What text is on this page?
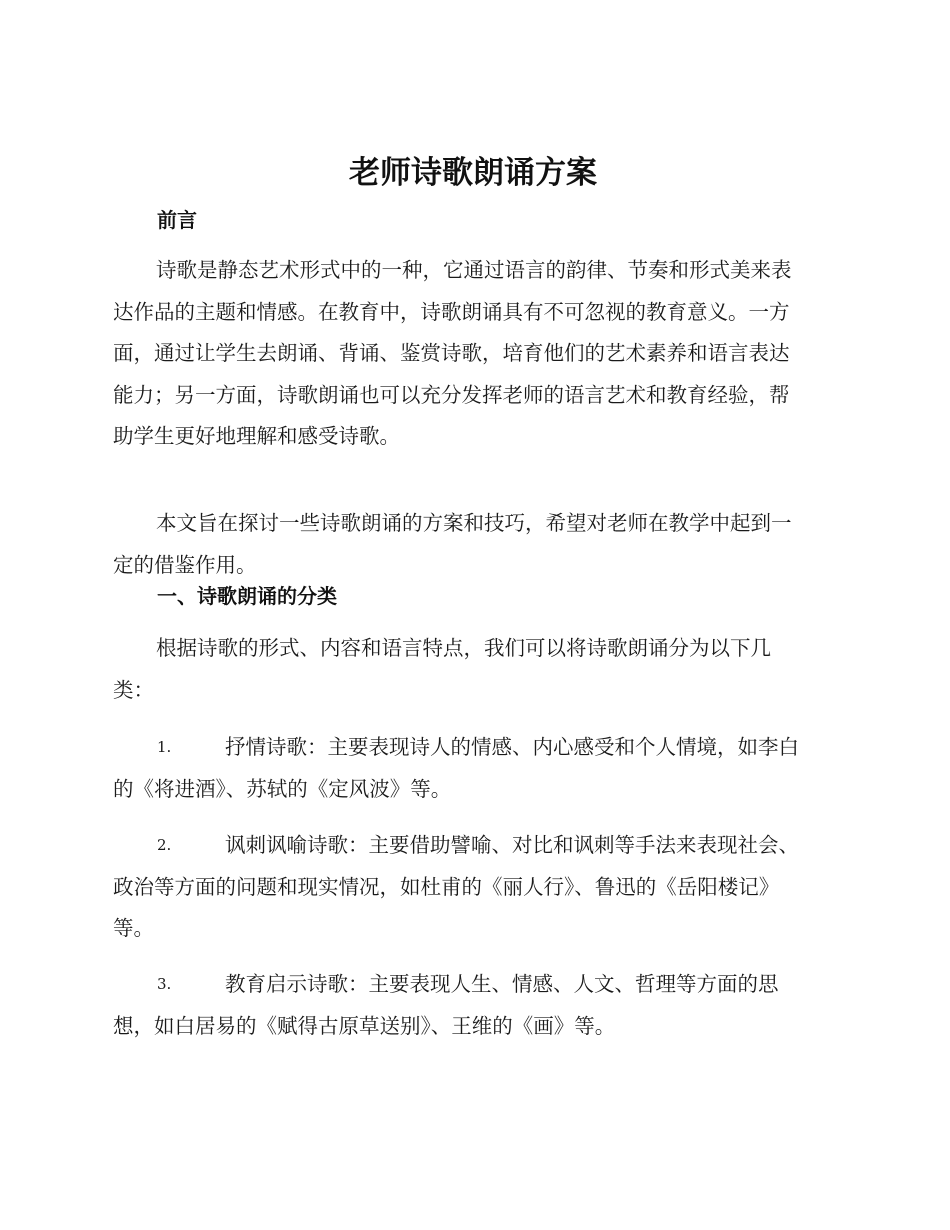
老师诗歌朗诵方案
前言

诗歌是静态艺术形式中的一种，它通过语言的韵律、节奏和形式美来表
达作品的主题和情感。在教育中，诗歌朗诵具有不可忽视的教育意义。一方
面，通过让学生去朗诵、背诵、鉴赏诗歌，培育他们的艺术素养和语言表达
能力；另一方面，诗歌朗诵也可以充分发挥老师的语言艺术和教育经验，帮
助学生更好地理解和感受诗歌。

本文旨在探讨一些诗歌朗诵的方案和技巧，希望对老师在教学中起到一
定的借鉴作用。

一、诗歌朗诵的分类

根据诗歌的形式、内容和语言特点，我们可以将诗歌朗诵分为以下几
类：

1.	抒情诗歌：主要表现诗人的情感、内心感受和个人情境，如李白
的《将进酒》、苏轼的《定风波》等。
2.	讽刺讽喻诗歌：主要借助譬喻、对比和讽刺等手法来表现社会、
政治等方面的问题和现实情况，如杜甫的《丽人行》、鲁迅的《岳阳楼记》
等。
3.	教育启示诗歌：主要表现人生、情感、人文、哲理等方面的思
想，如白居易的《赋得古原草送别》、王维的《画》等。
